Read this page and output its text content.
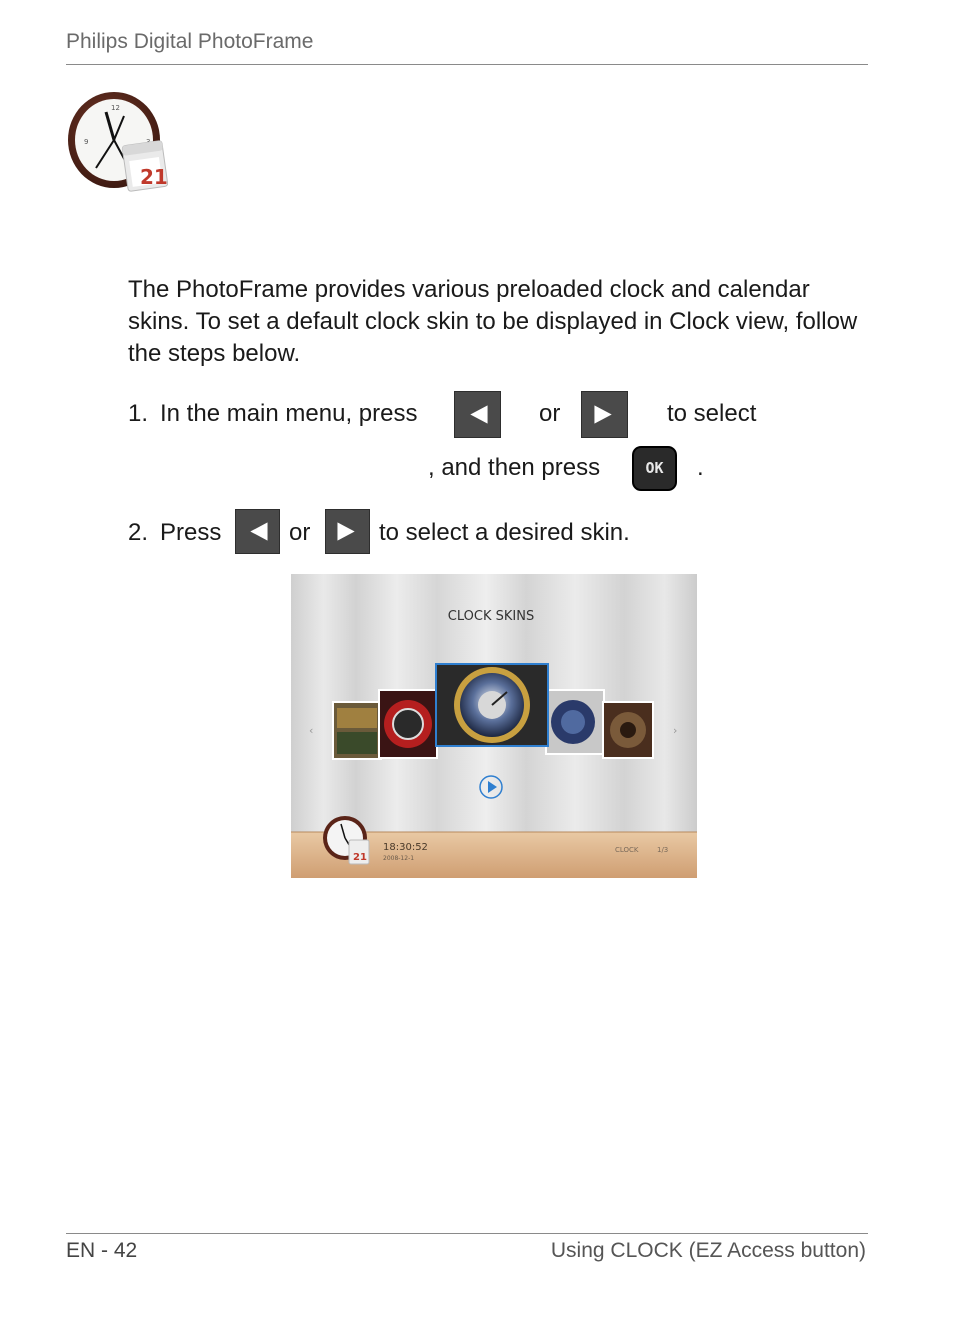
Philips Digital PhotoFrame
12
9
21
The PhotoFrame provides various preloaded clock and calendar skins. To set a default clock skin to be displayed in Clock view, follow the steps below.
1. In the main menu, press	or	to select
, and then press	OK	.
2. Press	or	to select a desired skin.
CLOCK SKINS
‹	›
21
18:30:52
2008-12-1
CLOCK	1/3
EN - 42	Using CLOCK (EZ Access button)
